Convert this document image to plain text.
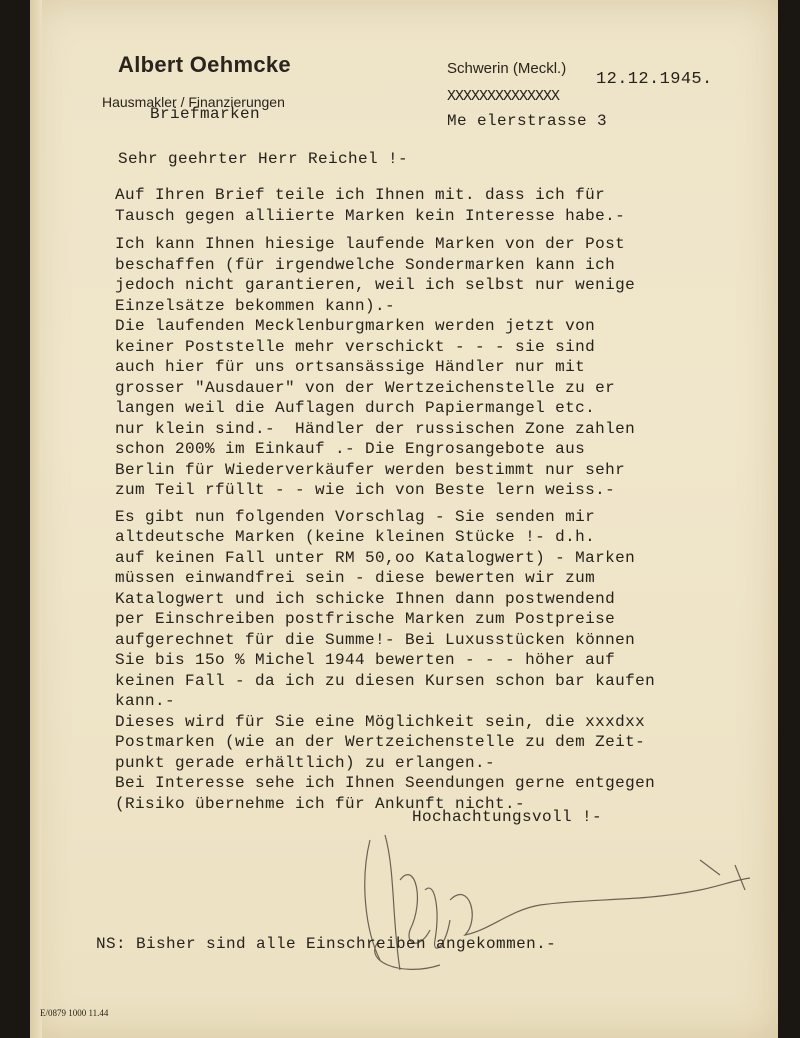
Albert Oehmcke
Hausmakler / Finanzierungen
Briefmarken
Schwerin (Meckl.)
12.12.1945.
XXXXXXXXXXXXXX
Me elerstrasse 3
Sehr geehrter Herr Reichel !-
Auf Ihren Brief teile ich Ihnen mit. dass ich für
Tausch gegen alliierte Marken kein Interesse habe.-
Ich kann Ihnen hiesige laufende Marken von der Post
beschaffen (für irgendwelche Sondermarken kann ich
jedoch nicht garantieren, weil ich selbst nur wenige
Einzelsätze bekommen kann).-
Die laufenden Mecklenburgmarken werden jetzt von
keiner Poststelle mehr verschickt - - - sie sind
auch hier für uns ortsansässige Händler nur mit
grosser "Ausdauer" von der Wertzeichenstelle zu er
langen weil die Auflagen durch Papiermangel etc.
nur klein sind.-  Händler der russischen Zone zahlen
schon 200% im Einkauf .- Die Engrosangebote aus
Berlin für Wiederverkäufer werden bestimmt nur sehr
zum Teil rfüllt - - wie ich von Beste lern weiss.-
Es gibt nun folgenden Vorschlag - Sie senden mir
altdeutsche Marken (keine kleinen Stücke !- d.h.
auf keinen Fall unter RM 50,oo Katalogwert) - Marken
müssen einwandfrei sein - diese bewerten wir zum
Katalogwert und ich schicke Ihnen dann postwendend
per Einschreiben postfrische Marken zum Postpreise
aufgerechnet für die Summe!- Bei Luxusstücken können
Sie bis 15o % Michel 1944 bewerten - - - höher auf
keinen Fall - da ich zu diesen Kursen schon bar kaufen
kann.-
Dieses wird für Sie eine Möglichkeit sein, die xxxdxx
Postmarken (wie an der Wertzeichenstelle zu dem Zeit-
punkt gerade erhältlich) zu erlangen.-
Bei Interesse sehe ich Ihnen Seendungen gerne entgegen
(Risiko übernehme ich für Ankunft nicht.-
Hochachtungsvoll !-
NS: Bisher sind alle Einschreiben angekommen.-
E/0879 1000 11.44
